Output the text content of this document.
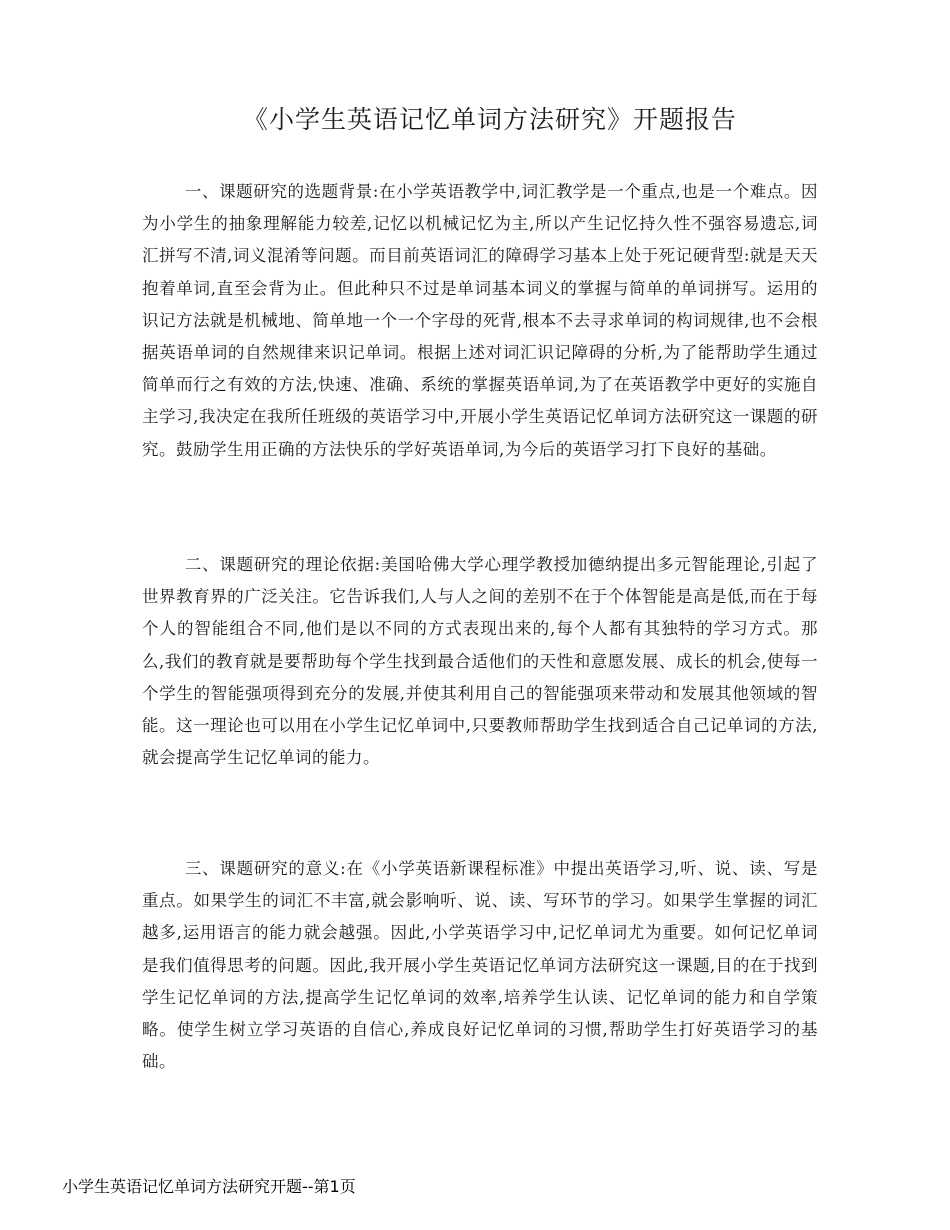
《小学生英语记忆单词方法研究》开题报告

一、课题研究的选题背景:在小学英语教学中,词汇教学是一个重点,也是一个难点。因为小学生的抽象理解能力较差,记忆以机械记忆为主,所以产生记忆持久性不强容易遗忘,词汇拼写不清,词义混淆等问题。而目前英语词汇的障碍学习基本上处于死记硬背型:就是天天抱着单词,直至会背为止。但此种只不过是单词基本词义的掌握与简单的单词拼写。运用的识记方法就是机械地、简单地一个一个字母的死背,根本不去寻求单词的构词规律,也不会根据英语单词的自然规律来识记单词。根据上述对词汇识记障碍的分析,为了能帮助学生通过简单而行之有效的方法,快速、准确、系统的掌握英语单词,为了在英语教学中更好的实施自主学习,我决定在我所任班级的英语学习中,开展小学生英语记忆单词方法研究这一课题的研究。鼓励学生用正确的方法快乐的学好英语单词,为今后的英语学习打下良好的基础。

二、课题研究的理论依据:美国哈佛大学心理学教授加德纳提出多元智能理论,引起了世界教育界的广泛关注。它告诉我们,人与人之间的差别不在于个体智能是高是低,而在于每个人的智能组合不同,他们是以不同的方式表现出来的,每个人都有其独特的学习方式。那么,我们的教育就是要帮助每个学生找到最合适他们的天性和意愿发展、成长的机会,使每一个学生的智能强项得到充分的发展,并使其利用自己的智能强项来带动和发展其他领域的智能。这一理论也可以用在小学生记忆单词中,只要教师帮助学生找到适合自己记单词的方法,就会提高学生记忆单词的能力。

三、课题研究的意义:在《小学英语新课程标准》中提出英语学习,听、说、读、写是重点。如果学生的词汇不丰富,就会影响听、说、读、写环节的学习。如果学生掌握的词汇越多,运用语言的能力就会越强。因此,小学英语学习中,记忆单词尤为重要。如何记忆单词是我们值得思考的问题。因此,我开展小学生英语记忆单词方法研究这一课题,目的在于找到学生记忆单词的方法,提高学生记忆单词的效率,培养学生认读、记忆单词的能力和自学策略。使学生树立学习英语的自信心,养成良好记忆单词的习惯,帮助学生打好英语学习的基础。

小学生英语记忆单词方法研究开题--第1页
